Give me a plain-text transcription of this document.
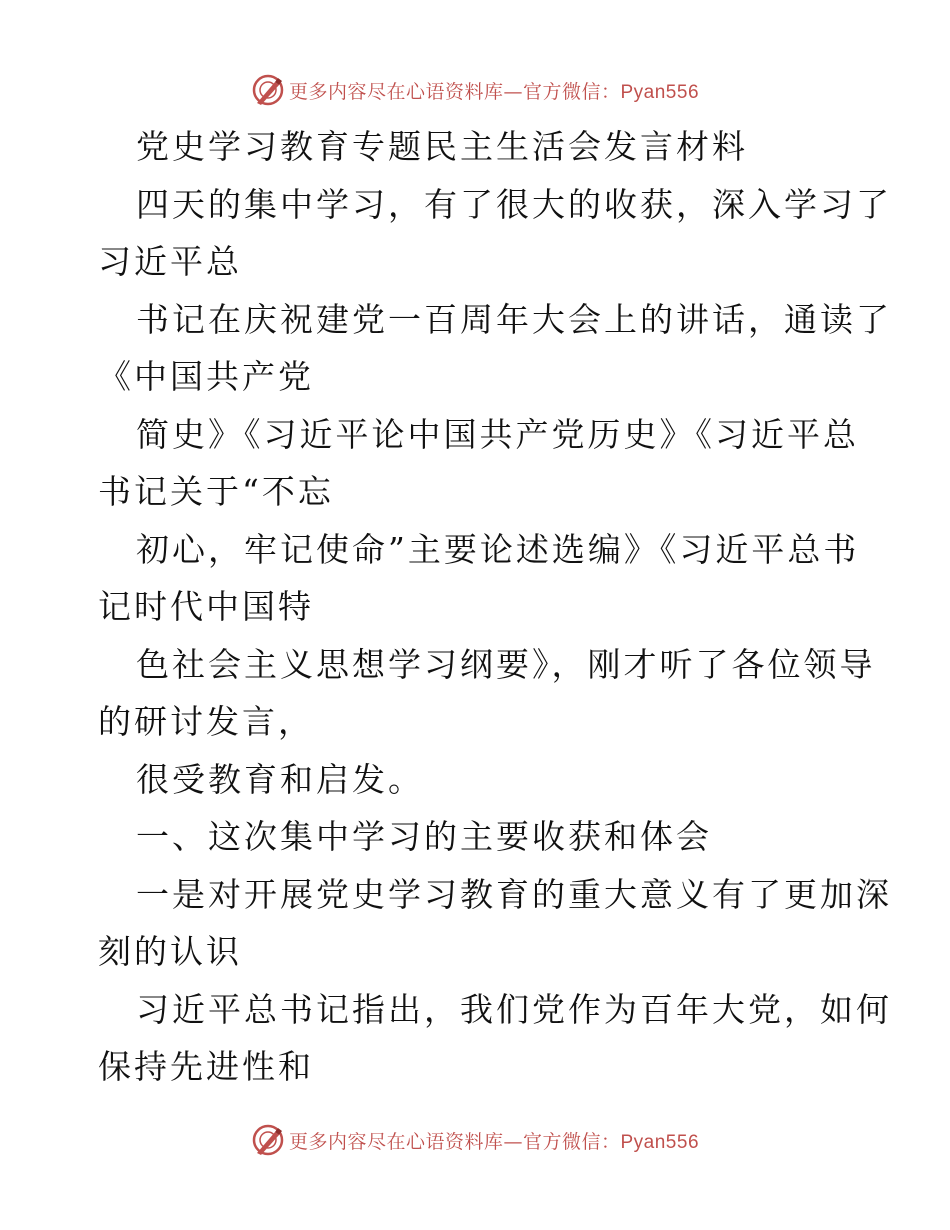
更多内容尽在心语资料库—官方微信：Pyan556

党史学习教育专题民主生活会发言材料

四天的集中学习，有了很大的收获，深入学习了
习近平总

书记在庆祝建党一百周年大会上的讲话，通读了
《中国共产党

简史》《习近平论中国共产党历史》《习近平总
书记关于“不忘

初心，牢记使命”主要论述选编》《习近平总书
记时代中国特

色社会主义思想学习纲要》，刚才听了各位领导
的研讨发言，

很受教育和启发。

一、这次集中学习的主要收获和体会

一是对开展党史学习教育的重大意义有了更加深
刻的认识

习近平总书记指出，我们党作为百年大党，如何
保持先进性和

更多内容尽在心语资料库—官方微信：Pyan556
